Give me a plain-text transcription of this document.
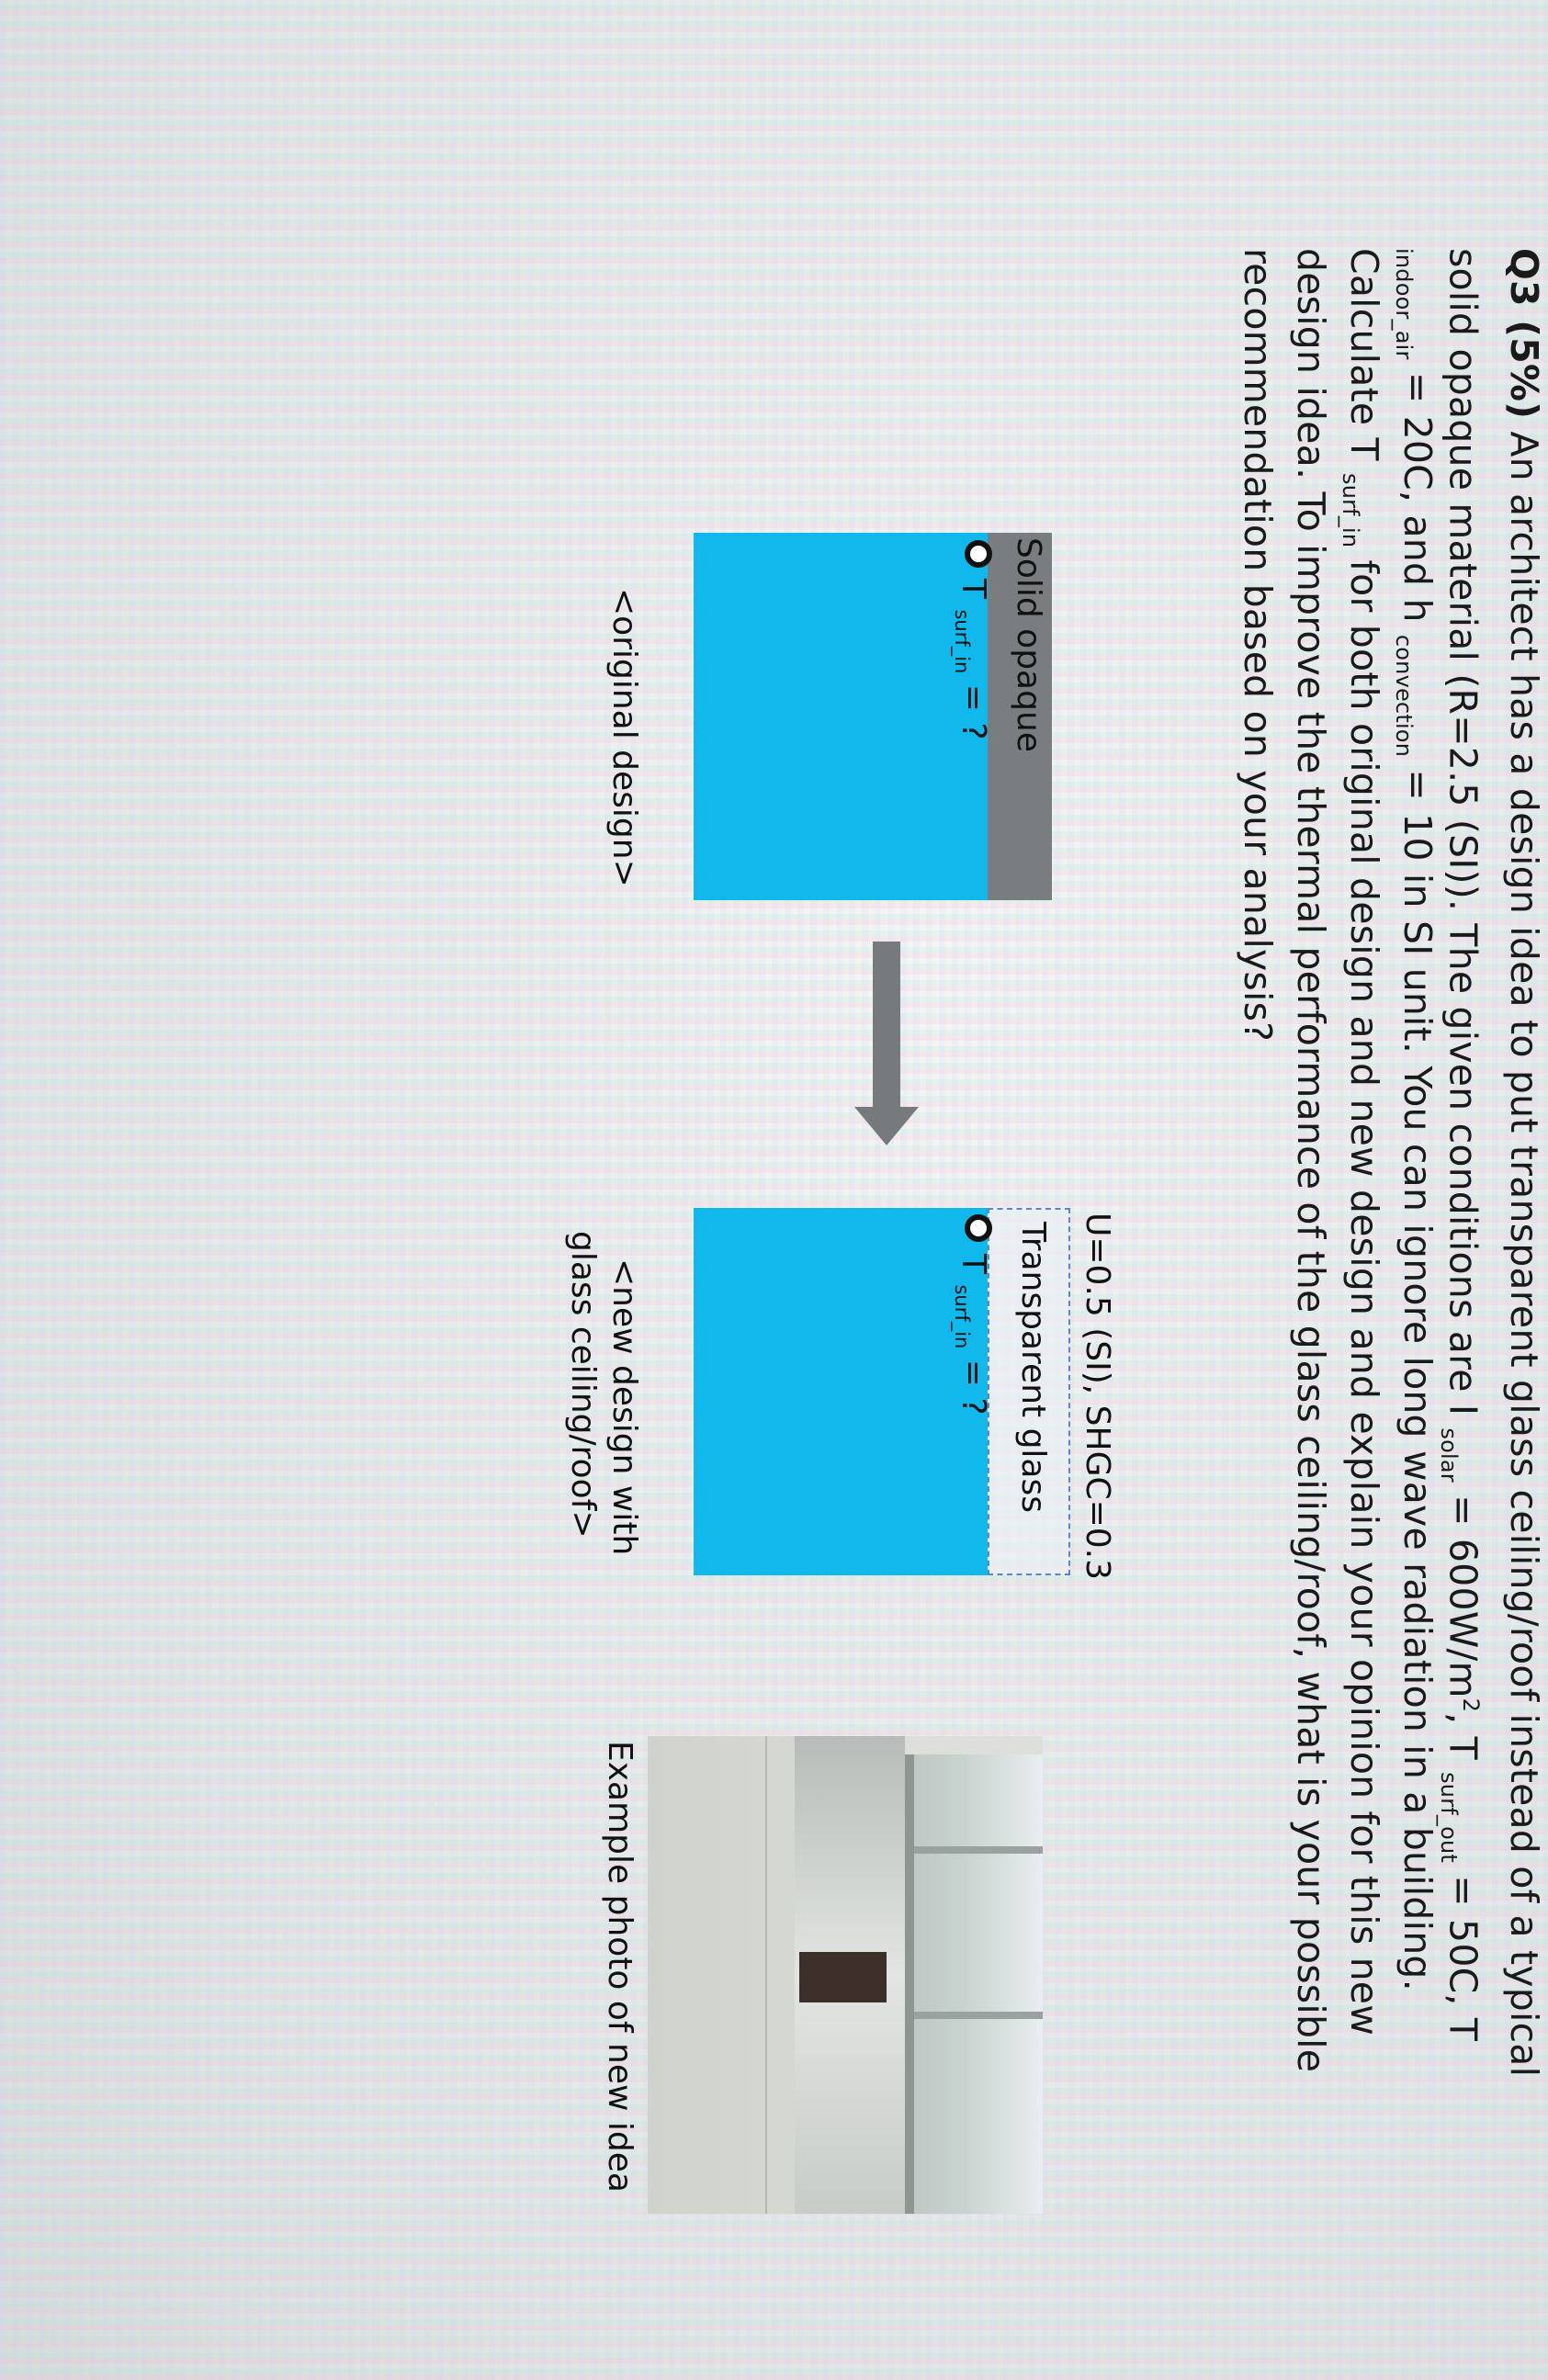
Q3 (5%) An architect has a design idea to put transparent glass ceiling/roof instead of a typical
solid opaque material (R=2.5 (SI)). The given conditions are I $_{solar} = 600W/m^2$, T $_{surf\_out}$ = 50C, T
$_{indoor\_air}$ = 20C, and h $_{convection}$ = 10 in SI unit. You can ignore long wave radiation in a building.
Calculate T $_{surf\_in}$ for both original design and new design and explain your opinion for this new
design idea. To improve the thermal performance of the glass ceiling/roof, what is your possible
recommendation based on your analysis?
Solid opaque
T $_{surf\_in}$ = ?
<original design>
U=0.5 (SI), SHGC=0.3
Transparent glass
T $_{surf\_in}$ = ?
<new design with
glass ceiling/roof>
Example photo of new idea
